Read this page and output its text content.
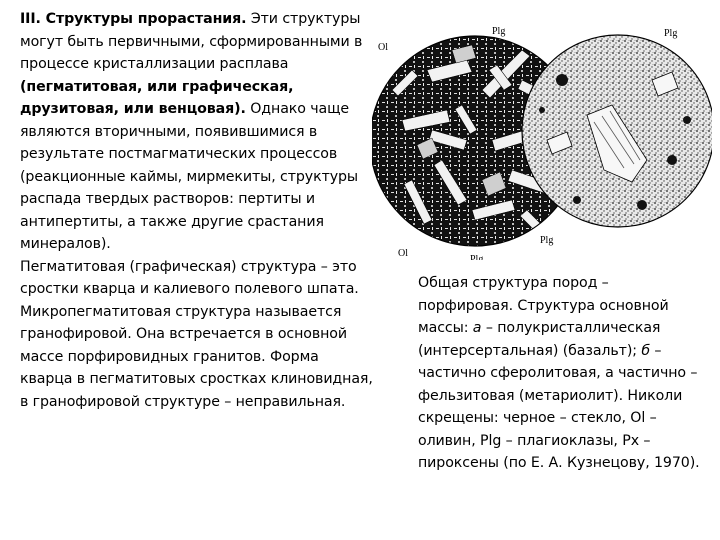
III. Структуры прорастания. Эти структуры могут быть первичными, сформированными в процессе кристаллизации расплава (пегматитовая, или графическая, друзитовая, или венцовая). Однако чаще являются вторичными, появившимися в результате постмагматических процессов (реакционные каймы, мирмекиты, структуры распада твердых растворов: пертиты и антипертиты, а также другие срастания минералов).
Пегматитовая (графическая) структура – это сростки кварца и калиевого полевого шпата. Микропегматитовая структура называется гранофировой. Она встречается в основной массе порфировидных гранитов. Форма кварца в пегматитовых сростках клиновидная, в гранофировой структуре – неправильная.
Ol
Plg	Plg
Ol
Plg
Plg
Общая структура пород – порфировая. Структура основной массы: а – полукристаллическая (интерсертальная) (базальт); б – частично сферолитовая, а частично – фельзитовая (метариолит). Николи скрещены: черное – стекло, Ol – оливин, Plg – плагиоклазы, Px – пироксены (по Е. А. Кузнецову, 1970).
